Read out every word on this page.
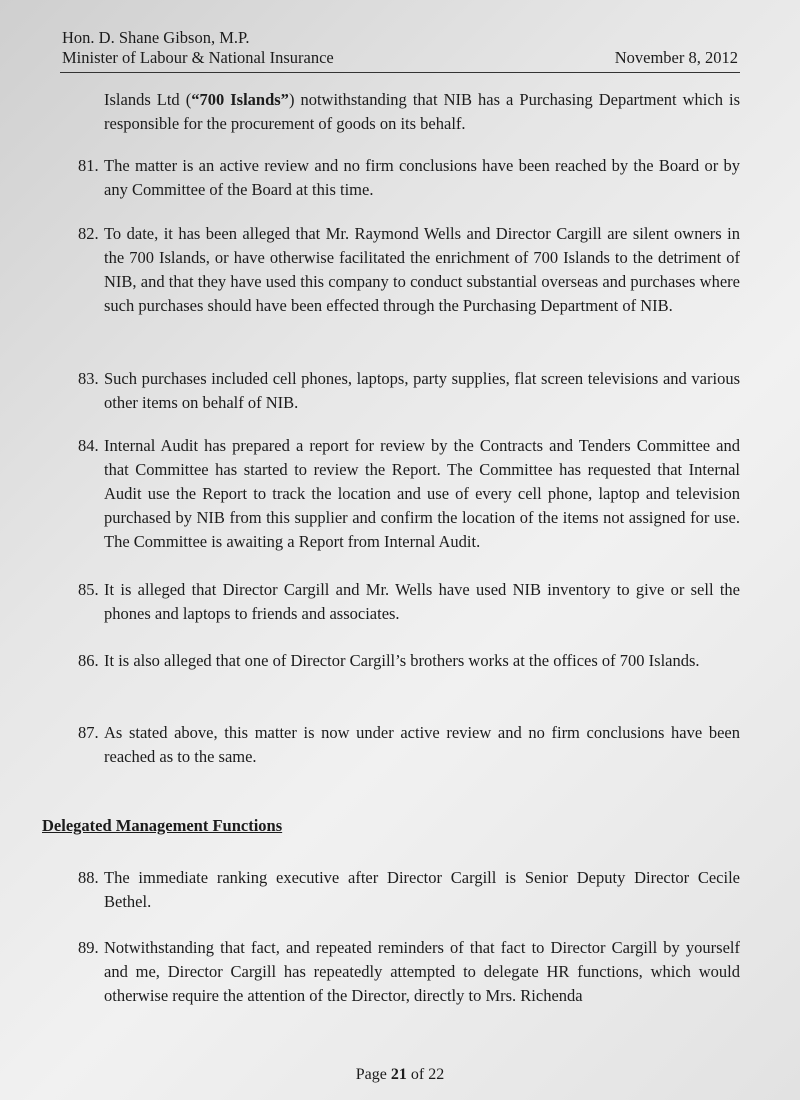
Hon. D. Shane Gibson, M.P.
Minister of Labour & National Insurance	November 8, 2012
Islands Ltd (“700 Islands”) notwithstanding that NIB has a Purchasing Department which is responsible for the procurement of goods on its behalf.
81. The matter is an active review and no firm conclusions have been reached by the Board or by any Committee of the Board at this time.
82. To date, it has been alleged that Mr. Raymond Wells and Director Cargill are silent owners in the 700 Islands, or have otherwise facilitated the enrichment of 700 Islands to the detriment of NIB, and that they have used this company to conduct substantial overseas and purchases where such purchases should have been effected through the Purchasing Department of NIB.
83. Such purchases included cell phones, laptops, party supplies, flat screen televisions and various other items on behalf of NIB.
84. Internal Audit has prepared a report for review by the Contracts and Tenders Committee and that Committee has started to review the Report. The Committee has requested that Internal Audit use the Report to track the location and use of every cell phone, laptop and television purchased by NIB from this supplier and confirm the location of the items not assigned for use. The Committee is awaiting a Report from Internal Audit.
85. It is alleged that Director Cargill and Mr. Wells have used NIB inventory to give or sell the phones and laptops to friends and associates.
86. It is also alleged that one of Director Cargill’s brothers works at the offices of 700 Islands.
87. As stated above, this matter is now under active review and no firm conclusions have been reached as to the same.
Delegated Management Functions
88. The immediate ranking executive after Director Cargill is Senior Deputy Director Cecile Bethel.
89. Notwithstanding that fact, and repeated reminders of that fact to Director Cargill by yourself and me, Director Cargill has repeatedly attempted to delegate HR functions, which would otherwise require the attention of the Director, directly to Mrs. Richenda
Page 21 of 22
